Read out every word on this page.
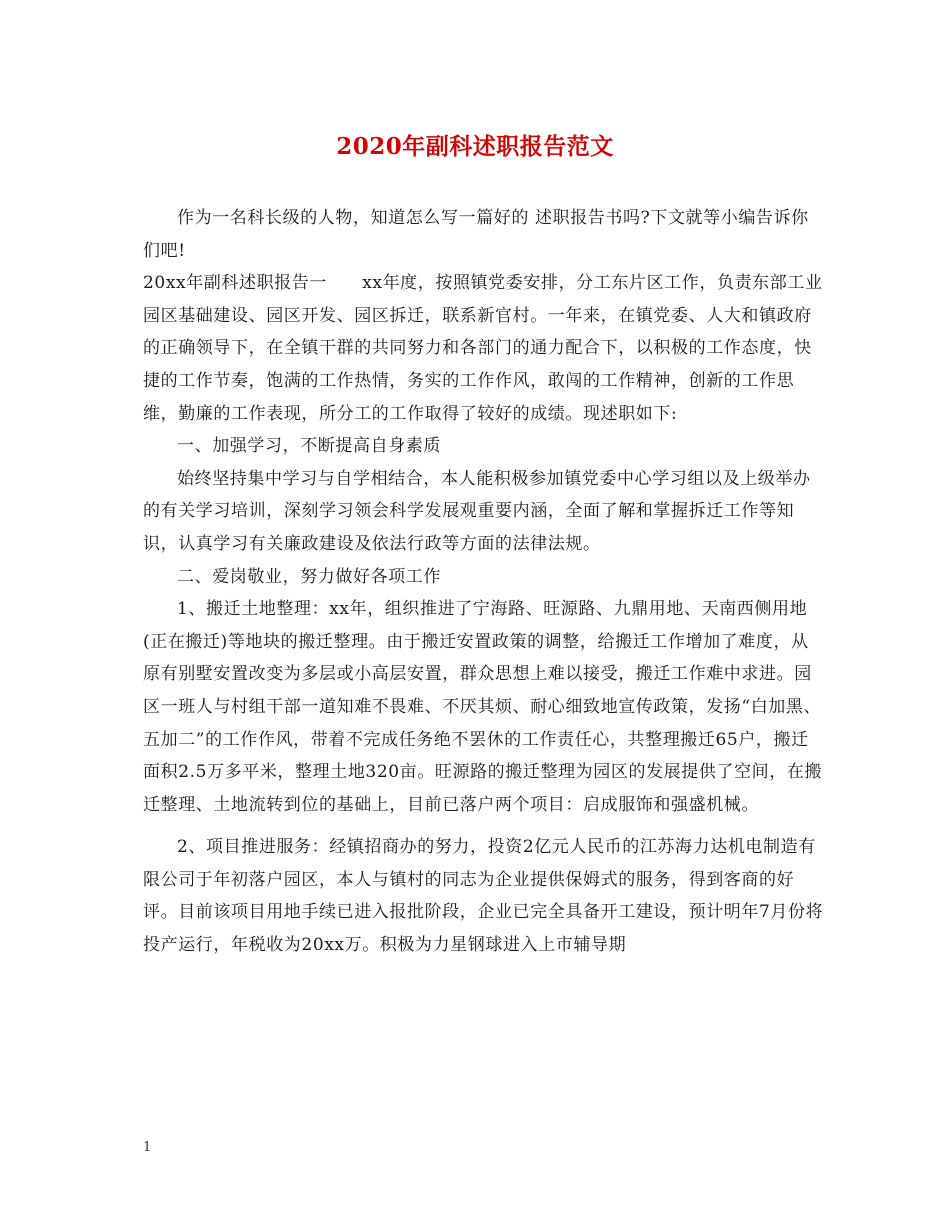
2020年副科述职报告范文

作为一名科长级的人物，知道怎么写一篇好的 述职报告书吗?下文就等小编告诉你们吧!

20xx年副科述职报告一　　xx年度，按照镇党委安排，分工东片区工作，负责东部工业园区基础建设、园区开发、园区拆迁，联系新官村。一年来，在镇党委、人大和镇政府的正确领导下，在全镇干群的共同努力和各部门的通力配合下，以积极的工作态度，快捷的工作节奏，饱满的工作热情，务实的工作作风，敢闯的工作精神，创新的工作思维，勤廉的工作表现，所分工的工作取得了较好的成绩。现述职如下:

一、加强学习，不断提高自身素质

始终坚持集中学习与自学相结合，本人能积极参加镇党委中心学习组以及上级举办的有关学习培训，深刻学习领会科学发展观重要内涵，全面了解和掌握拆迁工作等知识，认真学习有关廉政建设及依法行政等方面的法律法规。

二、爱岗敬业，努力做好各项工作

1、搬迁土地整理：xx年，组织推进了宁海路、旺源路、九鼎用地、天南西侧用地(正在搬迁)等地块的搬迁整理。由于搬迁安置政策的调整，给搬迁工作增加了难度，从原有别墅安置改变为多层或小高层安置，群众思想上难以接受，搬迁工作难中求进。园区一班人与村组干部一道知难不畏难、不厌其烦、耐心细致地宣传政策，发扬“白加黑、五加二”的工作作风，带着不完成任务绝不罢休的工作责任心，共整理搬迁65户，搬迁面积2.5万多平米，整理土地320亩。旺源路的搬迁整理为园区的发展提供了空间，在搬迁整理、土地流转到位的基础上，目前已落户两个项目：启成服饰和强盛机械。

2、项目推进服务：经镇招商办的努力，投资2亿元人民币的江苏海力达机电制造有限公司于年初落户园区，本人与镇村的同志为企业提供保姆式的服务，得到客商的好评。目前该项目用地手续已进入报批阶段，企业已完全具备开工建设，预计明年7月份将投产运行，年税收为20xx万。积极为力星钢球进入上市辅导期

1
